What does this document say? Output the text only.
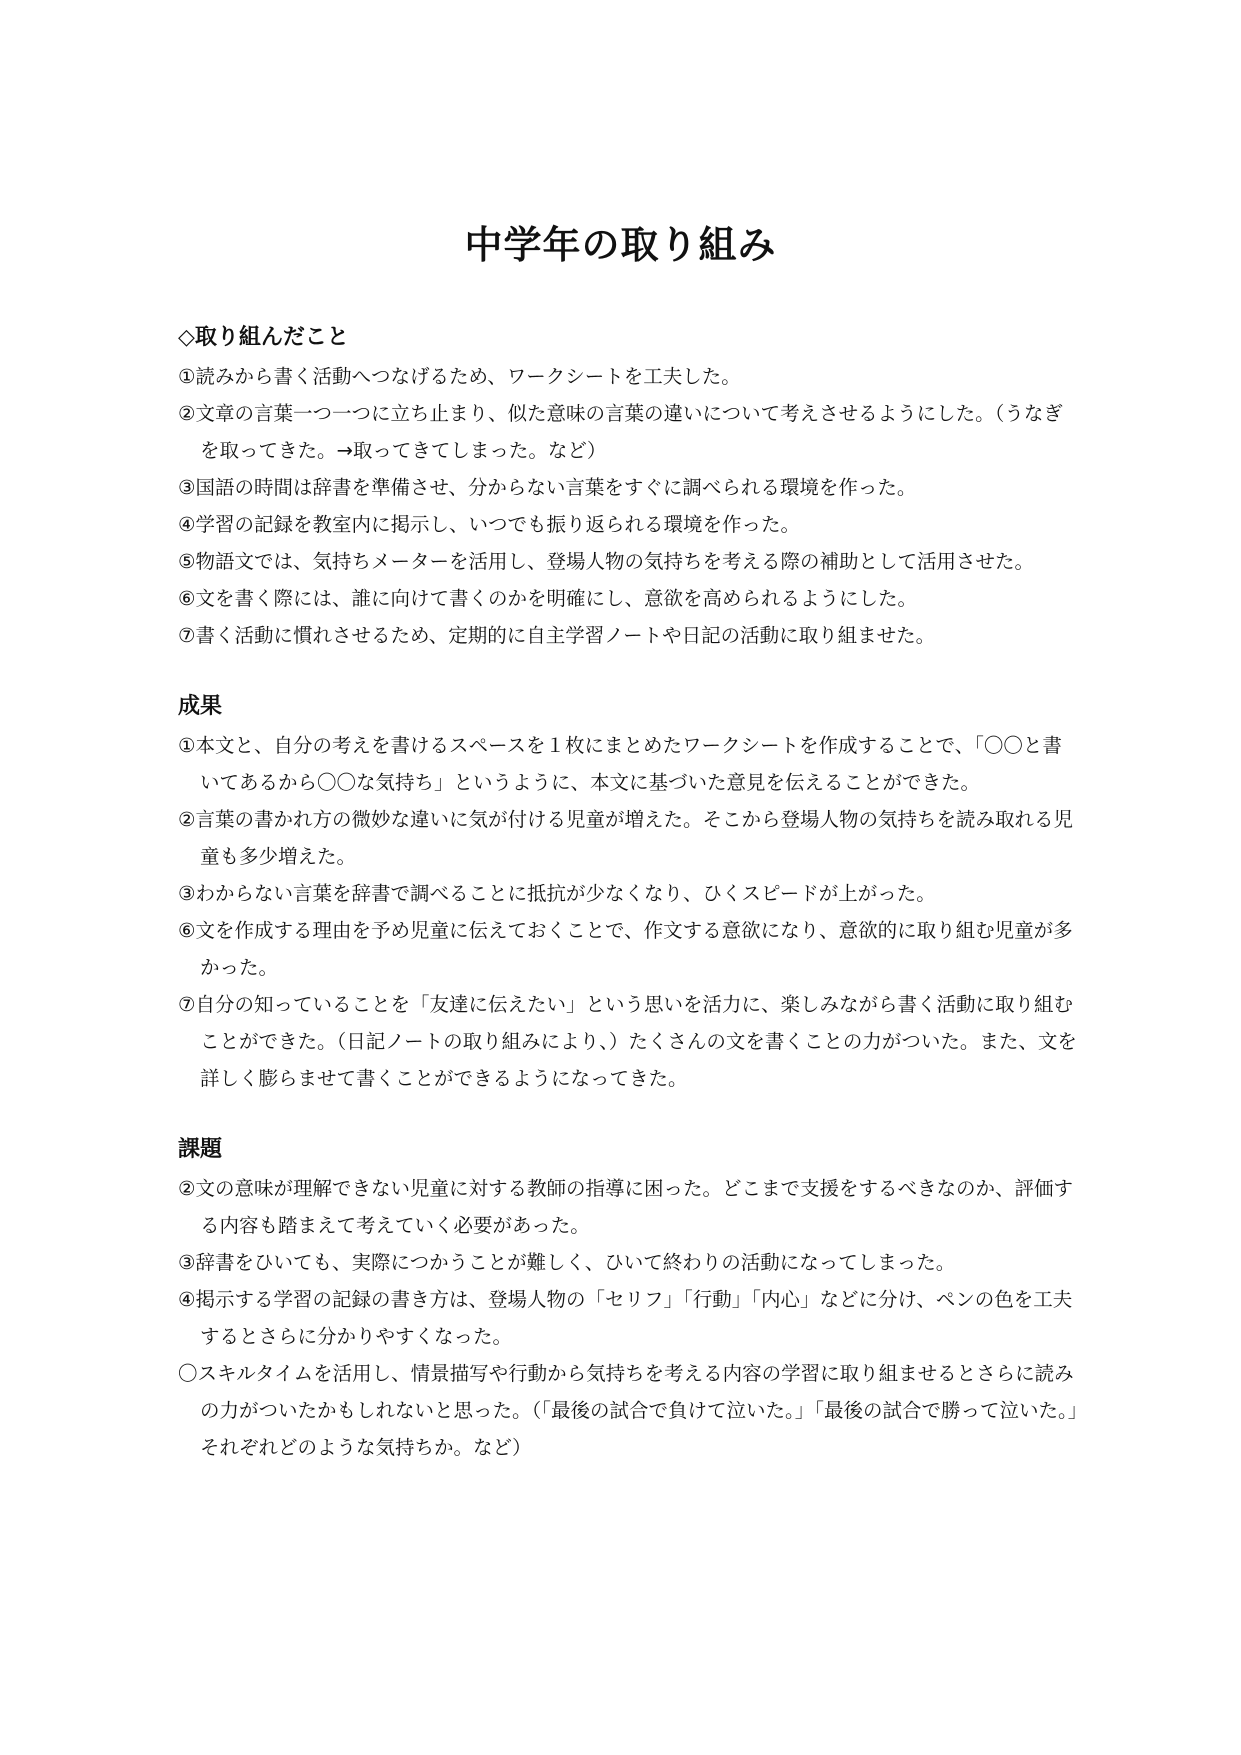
中学年の取り組み
◇取り組んだこと
①読みから書く活動へつなげるため、ワークシートを工夫した。
②文章の言葉一つ一つに立ち止まり、似た意味の言葉の違いについて考えさせるようにした。（うなぎを取ってきた。→取ってきてしまった。など）
③国語の時間は辞書を準備させ、分からない言葉をすぐに調べられる環境を作った。
④学習の記録を教室内に掲示し、いつでも振り返られる環境を作った。
⑤物語文では、気持ちメーターを活用し、登場人物の気持ちを考える際の補助として活用させた。
⑥文を書く際には、誰に向けて書くのかを明確にし、意欲を高められるようにした。
⑦書く活動に慣れさせるため、定期的に自主学習ノートや日記の活動に取り組ませた。
成果
①本文と、自分の考えを書けるスペースを１枚にまとめたワークシートを作成することで、「〇〇と書いてあるから〇〇な気持ち」というように、本文に基づいた意見を伝えることができた。
②言葉の書かれ方の微妙な違いに気が付ける児童が増えた。そこから登場人物の気持ちを読み取れる児童も多少増えた。
③わからない言葉を辞書で調べることに抵抗が少なくなり、ひくスピードが上がった。
⑥文を作成する理由を予め児童に伝えておくことで、作文する意欲になり、意欲的に取り組む児童が多かった。
⑦自分の知っていることを「友達に伝えたい」という思いを活力に、楽しみながら書く活動に取り組むことができた。（日記ノートの取り組みにより、）たくさんの文を書くことの力がついた。また、文を詳しく膨らませて書くことができるようになってきた。
課題
②文の意味が理解できない児童に対する教師の指導に困った。どこまで支援をするべきなのか、評価する内容も踏まえて考えていく必要があった。
③辞書をひいても、実際につかうことが難しく、ひいて終わりの活動になってしまった。
④掲示する学習の記録の書き方は、登場人物の「セリフ」「行動」「内心」などに分け、ペンの色を工夫するとさらに分かりやすくなった。
〇スキルタイムを活用し、情景描写や行動から気持ちを考える内容の学習に取り組ませるとさらに読みの力がついたかもしれないと思った。（「最後の試合で負けて泣いた。」「最後の試合で勝って泣いた。」　それぞれどのような気持ちか。など）
